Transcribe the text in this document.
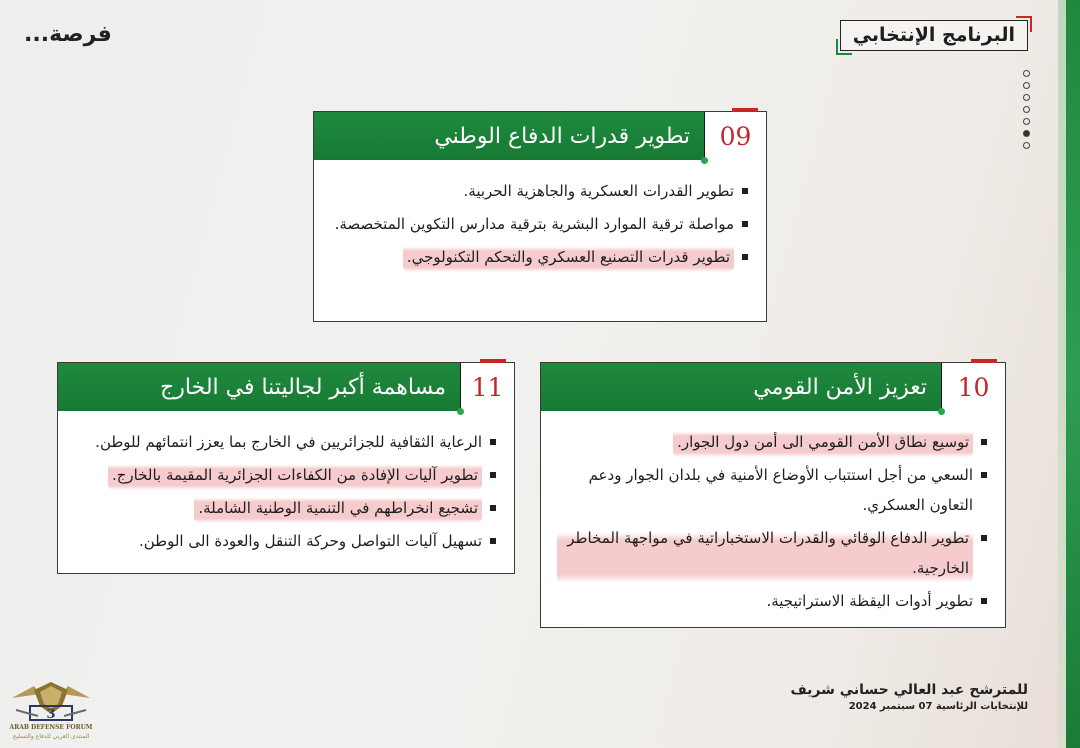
البرنامج الإنتخابي
فرصة...
09
تطوير قدرات الدفاع الوطني
تطوير القدرات العسكرية والجاهزية الحربية.
مواصلة ترقية الموارد البشرية بترقية مدارس التكوين المتخصصة.
تطوير قدرات التصنيع العسكري والتحكم التكنولوجي.
10
تعزيز الأمن القومي
توسيع نطاق الأمن القومي الى أمن دول الجوار.
السعي من أجل استتباب الأوضاع الأمنية في بلدان الجوار ودعم التعاون العسكري.
تطوير الدفاع الوقائي والقدرات الاستخباراتية في مواجهة المخاطر الخارجية.
تطوير أدوات اليقظة الاستراتيجية.
11
مساهمة أكبر لجاليتنا في الخارج
الرعاية الثقافية للجزائريين في الخارج بما يعزز انتمائهم للوطن.
تطوير آليات الإفادة من الكفاءات الجزائرية المقيمة بالخارج.
تشجيع انخراطهم في التنمية الوطنية الشاملة.
تسهيل آليات التواصل وحركة التنقل والعودة الى الوطن.
للمترشح عبد العالي حساني شريف
للإنتخابات الرئاسية 07 سبتمبر 2024
3
ARAB DEFENSE FORUM
المنتدى العربي للدفاع والتسليح
